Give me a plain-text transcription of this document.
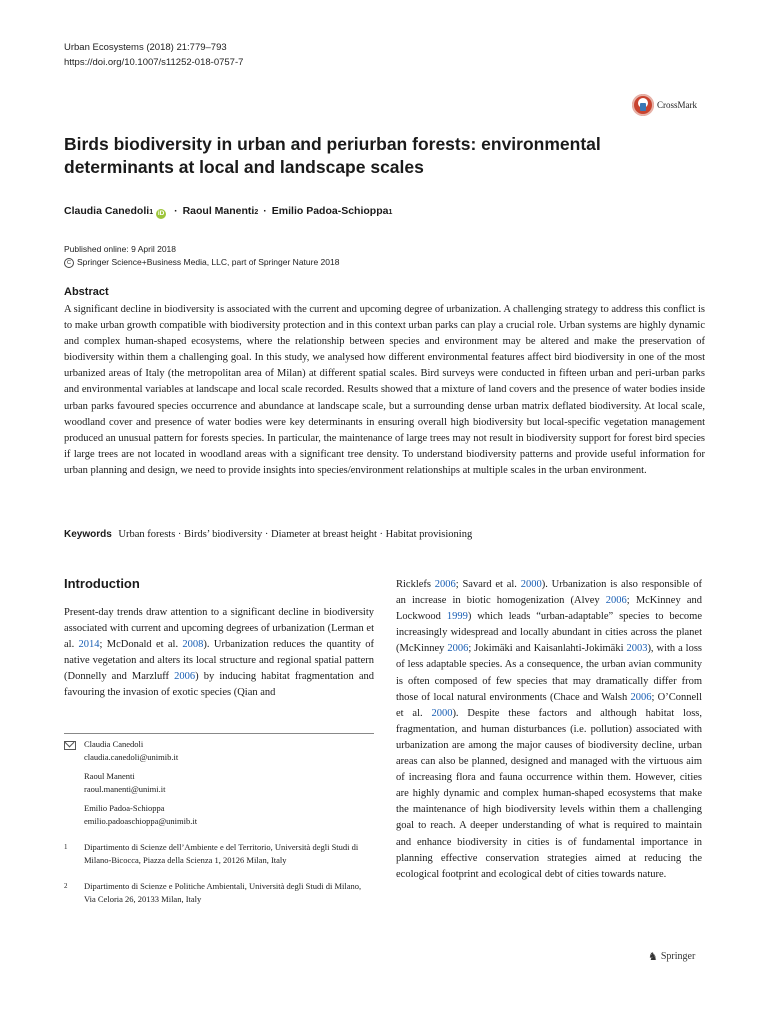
Urban Ecosystems (2018) 21:779–793
https://doi.org/10.1007/s11252-018-0757-7
CrossMark
Birds biodiversity in urban and periurban forests: environmental determinants at local and landscape scales
Claudia Canedoli 1 iD · Raoul Manenti 2 · Emilio Padoa-Schioppa 1
Published online: 9 April 2018
C Springer Science+Business Media, LLC, part of Springer Nature 2018
Abstract
A significant decline in biodiversity is associated with the current and upcoming degree of urbanization. A challenging strategy to address this conflict is to make urban growth compatible with biodiversity protection and in this context urban parks can play a crucial role. Urban systems are highly dynamic and complex human-shaped ecosystems, where the relationship between species and environment may be altered and make the preservation of biodiversity within them a challenging goal. In this study, we analysed how different environmental features affect bird biodiversity in one of the most urbanized areas of Italy (the metropolitan area of Milan) at different spatial scales. Bird surveys were conducted in fifteen urban and peri-urban parks and environmental variables at landscape and local scale recorded. Results showed that a mixture of land covers and the presence of water bodies inside urban parks favoured species occurrence and abundance at landscape scale, but a surrounding dense urban matrix deflated biodiversity. At local scale, woodland cover and presence of water bodies were key determinants in ensuring overall high biodiversity but local-specific vegetation management produced an unusual pattern for forests species. In particular, the maintenance of large trees may not result in biodiversity support for forest bird species if large trees are not located in woodland areas with a significant tree density. To understand biodiversity patterns and provide useful information for urban planning and design, we need to provide insights into species/environment relationships at multiple scales in the urban environment.
Keywords Urban forests · Birds’ biodiversity · Diameter at breast height · Habitat provisioning
Introduction
Present-day trends draw attention to a significant decline in biodiversity associated with current and upcoming degrees of urbanization (Lerman et al. 2014; McDonald et al. 2008). Urbanization reduces the quantity of native vegetation and alters its local structure and regional spatial pattern (Donnelly and Marzluff 2006) by inducing habitat fragmentation and favouring the invasion of exotic species (Qian and
Claudia Canedoli
claudia.canedoli@unimib.it
Raoul Manenti
raoul.manenti@unimi.it
Emilio Padoa-Schioppa
emilio.padoaschioppa@unimib.it
1 Dipartimento di Scienze dell’Ambiente e del Territorio, Università degli Studi di Milano-Bicocca, Piazza della Scienza 1, 20126 Milan, Italy
2 Dipartimento di Scienze e Politiche Ambientali, Università degli Studi di Milano, Via Celoria 26, 20133 Milan, Italy
Ricklefs 2006; Savard et al. 2000). Urbanization is also responsible of an increase in biotic homogenization (Alvey 2006; McKinney and Lockwood 1999) which leads “urban-adaptable” species to become increasingly widespread and locally abundant in cities across the planet (McKinney 2006; Jokimäki and Kaisanlahti-Jokimäki 2003), with a loss of less adaptable species. As a consequence, the urban avian community is often composed of few species that may dramatically differ from those of local natural environments (Chace and Walsh 2006; O’Connell et al. 2000). Despite these factors and although habitat loss, fragmentation, and human disturbances (i.e. pollution) associated with urbanization are among the major causes of biodiversity decline, urban areas can also be planned, designed and managed with the virtuous aim of increasing flora and fauna occurrence within them. However, cities are highly dynamic and complex human-shaped ecosystems that make the maintenance of high biodiversity levels within them a challenging goal to reach. A deeper understanding of what is required to maintain and enhance biodiversity in cities is of fundamental importance in planning effective conservation strategies aimed at reducing the ecological footprint and ecological debt of cities towards nature.
♞ Springer
